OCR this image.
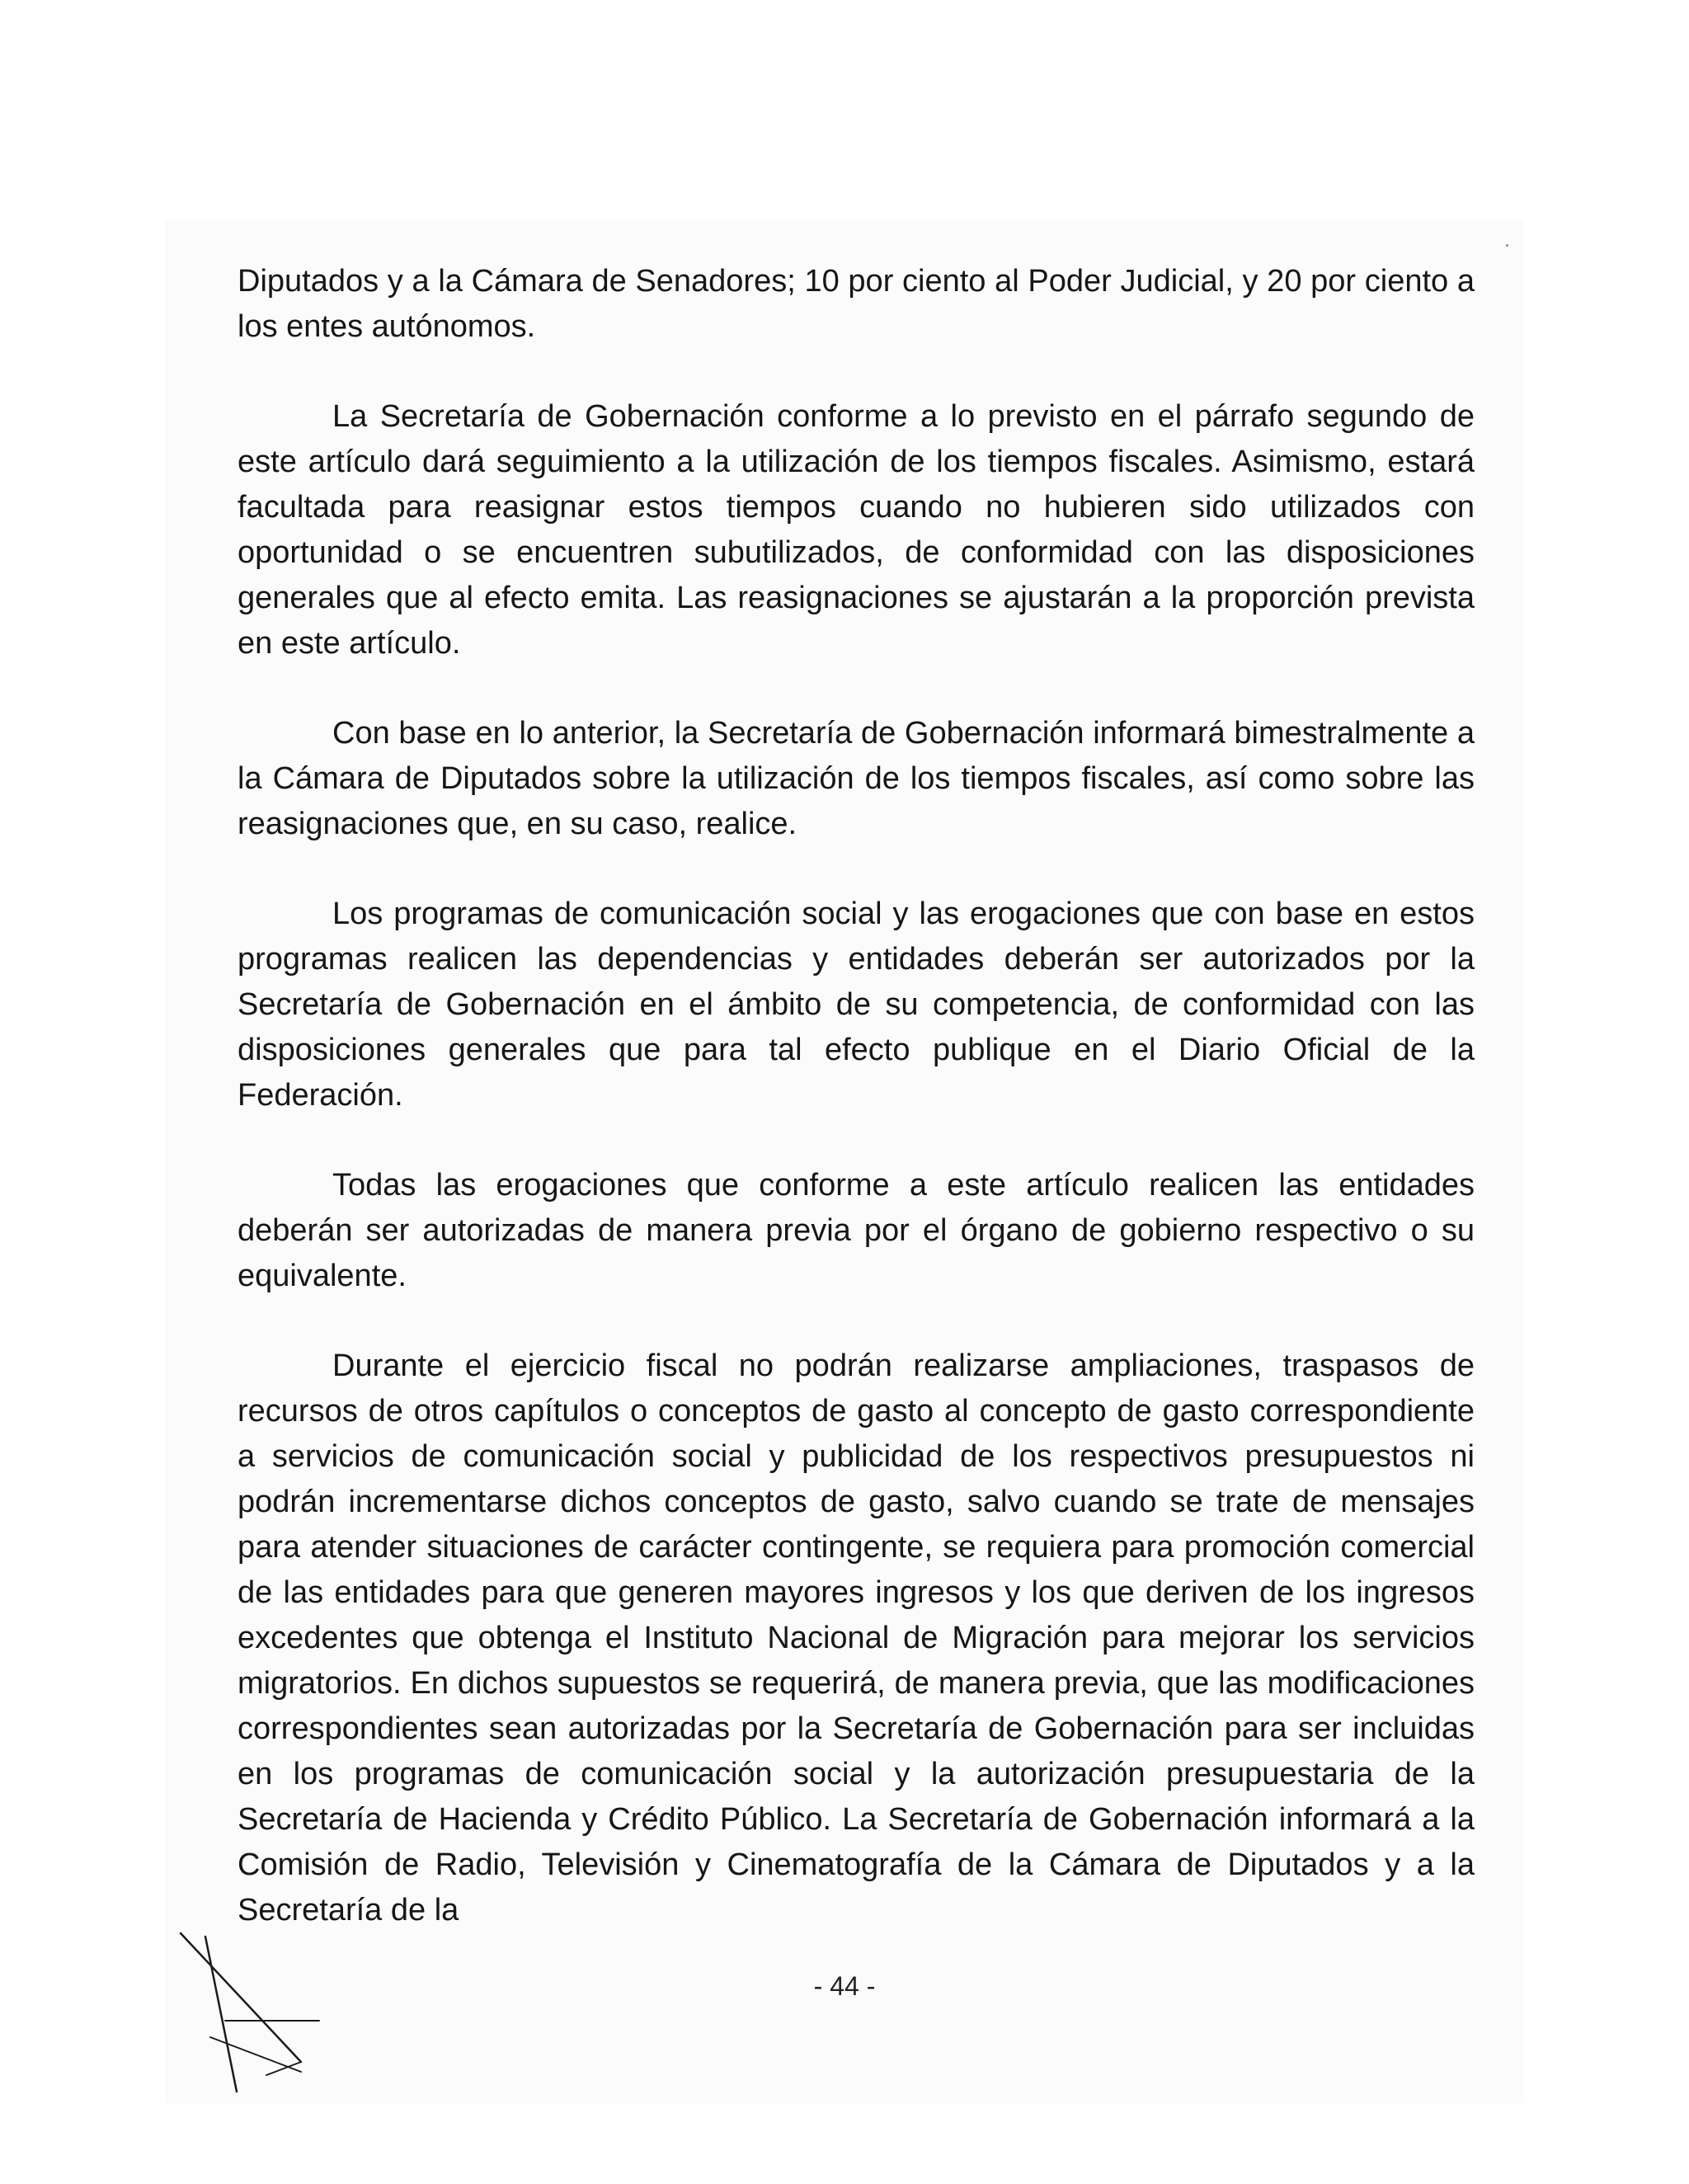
Diputados y a la Cámara de Senadores; 10 por ciento al Poder Judicial, y 20 por ciento a los entes autónomos.

La Secretaría de Gobernación conforme a lo previsto en el párrafo segundo de este artículo dará seguimiento a la utilización de los tiempos fiscales. Asimismo, estará facultada para reasignar estos tiempos cuando no hubieren sido utilizados con oportunidad o se encuentren subutilizados, de conformidad con las disposiciones generales que al efecto emita. Las reasignaciones se ajustarán a la proporción prevista en este artículo.

Con base en lo anterior, la Secretaría de Gobernación informará bimestralmente a la Cámara de Diputados sobre la utilización de los tiempos fiscales, así como sobre las reasignaciones que, en su caso, realice.

Los programas de comunicación social y las erogaciones que con base en estos programas realicen las dependencias y entidades deberán ser autorizados por la Secretaría de Gobernación en el ámbito de su competencia, de conformidad con las disposiciones generales que para tal efecto publique en el Diario Oficial de la Federación.

Todas las erogaciones que conforme a este artículo realicen las entidades deberán ser autorizadas de manera previa por el órgano de gobierno respectivo o su equivalente.

Durante el ejercicio fiscal no podrán realizarse ampliaciones, traspasos de recursos de otros capítulos o conceptos de gasto al concepto de gasto correspondiente a servicios de comunicación social y publicidad de los respectivos presupuestos ni podrán incrementarse dichos conceptos de gasto, salvo cuando se trate de mensajes para atender situaciones de carácter contingente, se requiera para promoción comercial de las entidades para que generen mayores ingresos y los que deriven de los ingresos excedentes que obtenga el Instituto Nacional de Migración para mejorar los servicios migratorios. En dichos supuestos se requerirá, de manera previa, que las modificaciones correspondientes sean autorizadas por la Secretaría de Gobernación para ser incluidas en los programas de comunicación social y la autorización presupuestaria de la Secretaría de Hacienda y Crédito Público. La Secretaría de Gobernación informará a la Comisión de Radio, Televisión y Cinematografía de la Cámara de Diputados y a la Secretaría de la

- 44 -
